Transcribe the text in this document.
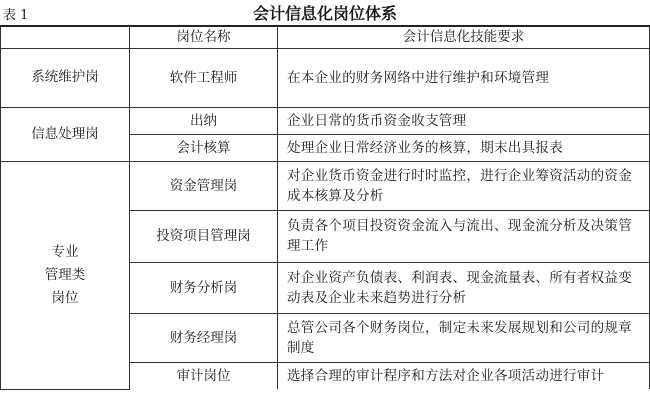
表 1	会计信息化岗位体系
	岗位名称	会计信息化技能要求

系统维护岗	软件工程师	在本企业的财务网络中进行维护和环境管理

信息处理岗	出纳	企业日常的货币资金收支管理
	会计核算	处理企业日常经济业务的核算，期末出具报表

专业
管理类
岗位	资金管理岗	对企业货币资金进行时时监控，进行企业筹资活动的资金成本核算及分析
	投资项目管理岗	负责各个项目投资资金流入与流出、现金流分析及决策管理工作
	财务分析岗	对企业资产负债表、利润表、现金流量表、所有者权益变动表及企业未来趋势进行分析
	财务经理岗	总管公司各个财务岗位，制定未来发展规划和公司的规章制度
	审计岗位	选择合理的审计程序和方法对企业各项活动进行审计
